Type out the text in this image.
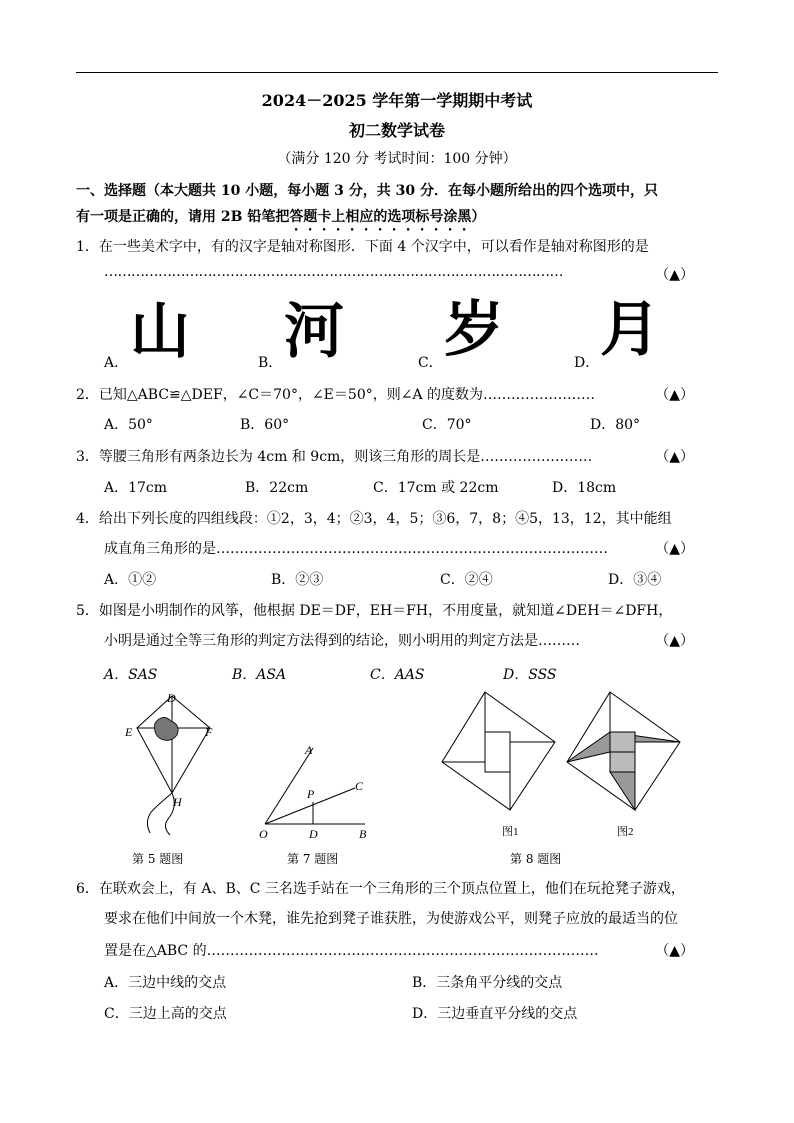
2024－2025 学年第一学期期中考试
初二数学试卷
（满分 120 分 考试时间：100 分钟）
一、选择题（本大题共 10 小题，每小题 3 分，共 30 分．在每小题所给出的四个选项中，只
有一项是正确的，请用 2B 铅笔把答题卡上相应的选项标号涂黑）
1．在一些美术字中，有的汉字是轴对称图形．下面 4 个汉字中，可以看作是轴对称图形的是
…………………………………………………………………………………………	（▲）
A． 山	B． 河	C． 岁	D． 月
2．已知△ABC≌△DEF，∠C＝70°，∠E＝50°，则∠A 的度数为……………………	（▲）
A．50°	B．60°	C．70°	D．80°
3．等腰三角形有两条边长为 4cm 和 9cm，则该三角形的周长是……………………	（▲）
A．17cm	B．22cm	C．17cm 或 22cm	D．18cm
4．给出下列长度的四组线段：①2，3，4；②3，4，5；③6，7，8；④5，13，12，其中能组
成直角三角形的是…………………………………………………………………………	（▲）
A．①②	B．②③	C．②④	D．③④
5．如图是小明制作的风筝，他根据 DE＝DF，EH＝FH，不用度量，就知道∠DEH＝∠DFH，
小明是通过全等三角形的判定方法得到的结论，则小明用的判定方法是………	（▲）
A．SAS	B．ASA	C．AAS	D．SSS
D
E	F
H
A
C
P
O	D	B	图1	图2
第 5 题图	第 7 题图	第 8 题图
6．在联欢会上，有 A、B、C 三名选手站在一个三角形的三个顶点位置上，他们在玩抢凳子游戏，
要求在他们中间放一个木凳，谁先抢到凳子谁获胜，为使游戏公平，则凳子应放的最适当的位
置是在△ABC 的…………………………………………………………………………	（▲）
A．三边中线的交点	B．三条角平分线的交点
C．三边上高的交点	D．三边垂直平分线的交点
